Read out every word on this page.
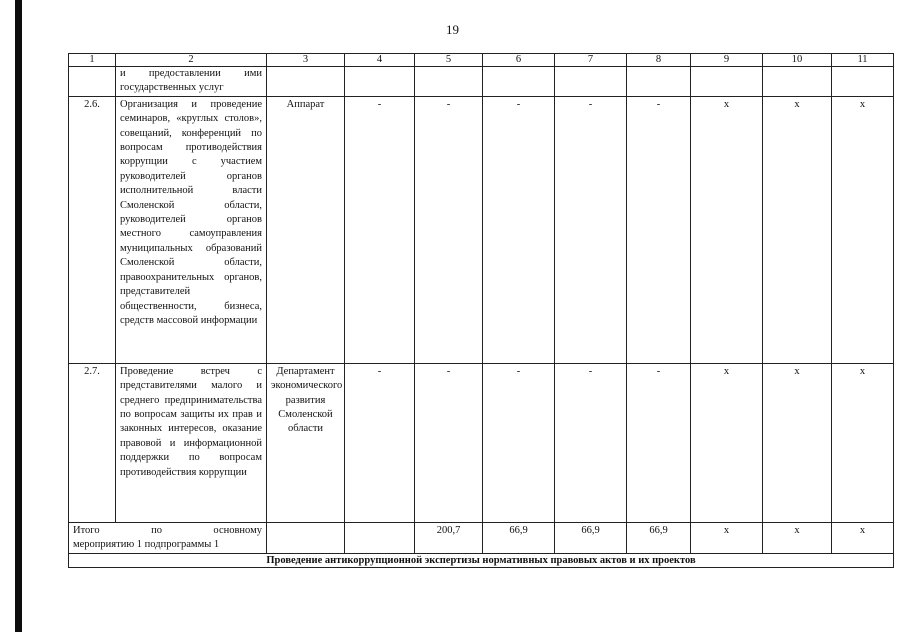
19
1	2	3	4	5	6	7	8	9	10	11
	и предоставлении ими государственных услуг									
2.6.	Организация и проведение семинаров, «круглых столов», совещаний, конференций по вопросам противодействия коррупции с участием руководителей органов исполнительной власти Смоленской области, руководителей органов местного самоуправления муниципальных образований Смоленской области, правоохранительных органов, представителей общественности, бизнеса, средств массовой информации	Аппарат	-	-	-	-	-	x	x	x
2.7.	Проведение встреч с представителями малого и среднего предпринимательства по вопросам защиты их прав и законных интересов, оказание правовой и информационной поддержки по вопросам противодействия коррупции	Департамент экономического развития Смоленской области	-	-	-	-	-	x	x	x

Итого по основному
мероприятию 1 подпрограммы 1				200,7	66,9	66,9	66,9	x	x	x
Проведение антикоррупционной экспертизы нормативных правовых актов и их проектов										
